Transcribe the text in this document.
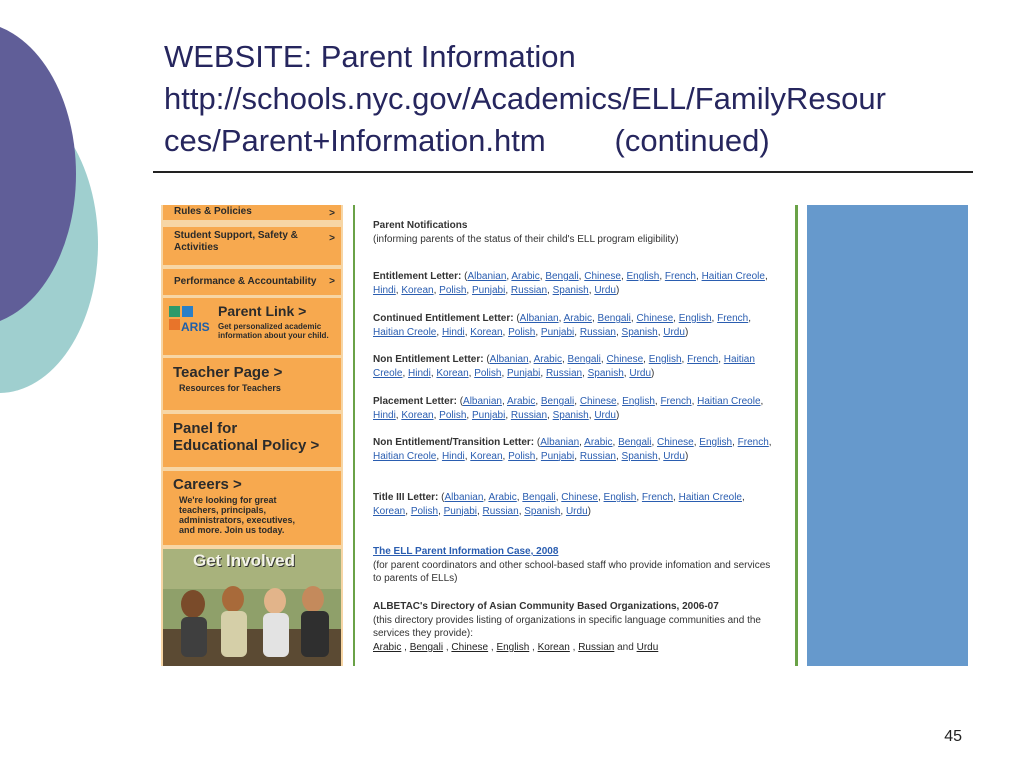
WEBSITE: Parent Information
http://schools.nyc.gov/Academics/ELL/FamilyResour
ces/Parent+Information.htm        (continued)
Rules & Policies	>
Student Support, Safety & Activities
>
Performance & Accountability >
Parent Link >
ARIS Get personalized academic information about your child.
Teacher Page >
Resources for Teachers
Panel for
Educational Policy >
Careers >
We're looking for great teachers, principals, administrators, executives, and more. Join us today.
Get Involved
Parent Notifications
(informing parents of the status of their child's ELL program eligibility)
Entitlement Letter: (Albanian, Arabic, Bengali, Chinese, English, French, Haitian Creole, Hindi, Korean, Polish, Punjabi, Russian, Spanish, Urdu)
Continued Entitlement Letter: (Albanian, Arabic, Bengali, Chinese, English, French, Haitian Creole, Hindi, Korean, Polish, Punjabi, Russian, Spanish, Urdu)
Non Entitlement Letter: (Albanian, Arabic, Bengali, Chinese, English, French, Haitian Creole, Hindi, Korean, Polish, Punjabi, Russian, Spanish, Urdu)
Placement Letter: (Albanian, Arabic, Bengali, Chinese, English, French, Haitian Creole, Hindi, Korean, Polish, Punjabi, Russian, Spanish, Urdu)
Non Entitlement/Transition Letter: (Albanian, Arabic, Bengali, Chinese, English, French, Haitian Creole, Hindi, Korean, Polish, Punjabi, Russian, Spanish, Urdu)
Title III Letter: (Albanian, Arabic, Bengali, Chinese, English, French, Haitian Creole, Korean, Polish, Punjabi, Russian, Spanish, Urdu)
The ELL Parent Information Case, 2008
(for parent coordinators and other school-based staff who provide infomation and services to parents of ELLs)
ALBETAC's Directory of Asian Community Based Organizations, 2006-07
(this directory provides listing of organizations in specific language communities and the services they provide):
Arabic , Bengali , Chinese , English , Korean , Russian and Urdu
45
